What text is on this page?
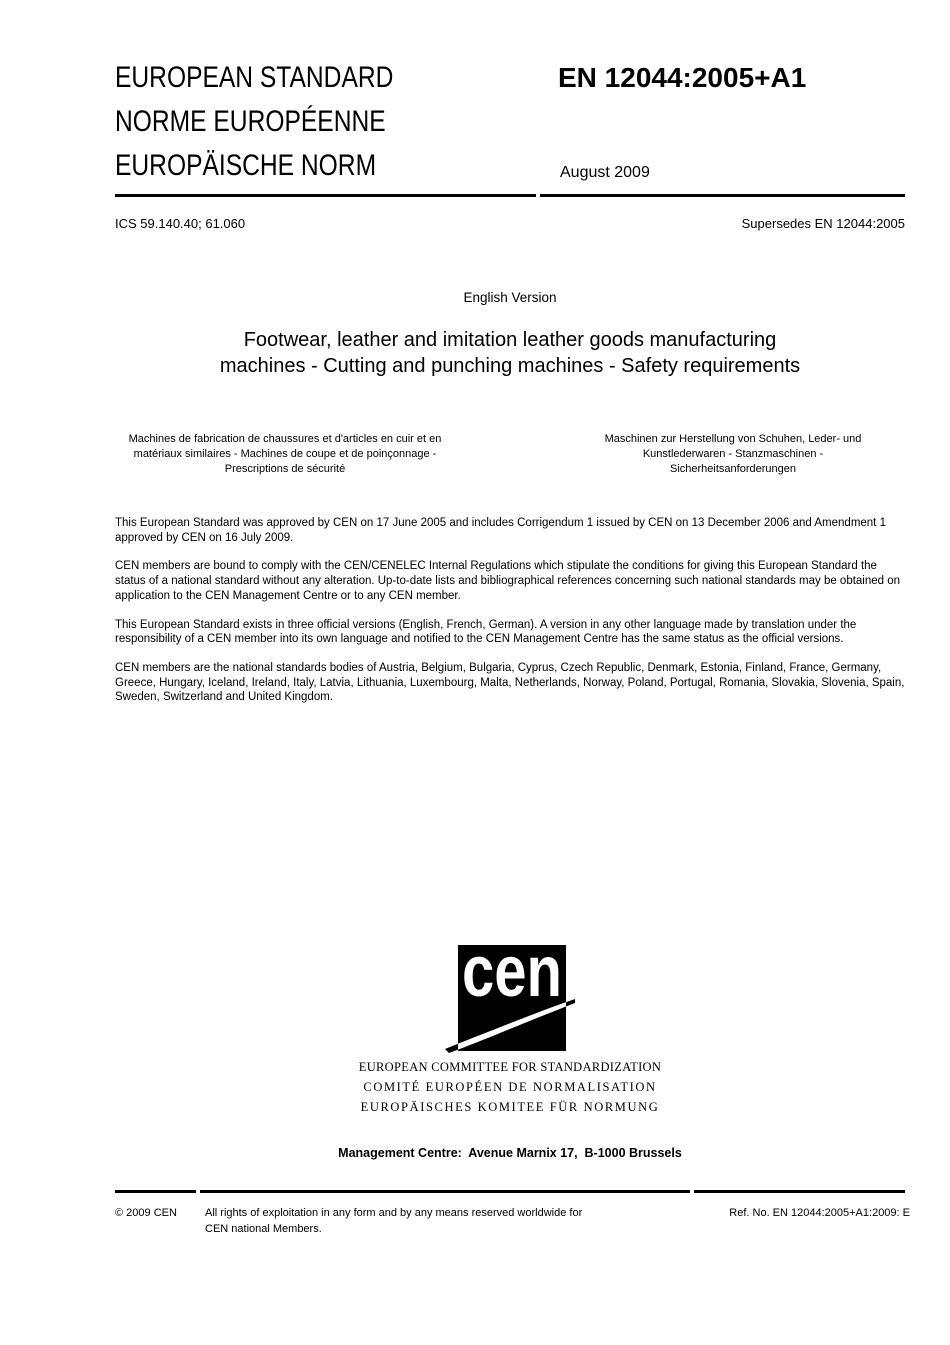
EUROPEAN STANDARD
NORME EUROPÉENNE
EUROPÄISCHE NORM
EN 12044:2005+A1
August 2009
ICS 59.140.40; 61.060	Supersedes EN 12044:2005
English Version
Footwear, leather and imitation leather goods manufacturing machines - Cutting and punching machines - Safety requirements
Machines de fabrication de chaussures et d'articles en cuir et en matériaux similaires - Machines de coupe et de poinçonnage - Prescriptions de sécurité
Maschinen zur Herstellung von Schuhen, Leder- und Kunstlederwaren - Stanzmaschinen - Sicherheitsanforderungen

This European Standard was approved by CEN on 17 June 2005 and includes Corrigendum 1 issued by CEN on 13 December 2006 and Amendment 1 approved by CEN on 16 July 2009.

CEN members are bound to comply with the CEN/CENELEC Internal Regulations which stipulate the conditions for giving this European Standard the status of a national standard without any alteration. Up-to-date lists and bibliographical references concerning such national standards may be obtained on application to the CEN Management Centre or to any CEN member.

This European Standard exists in three official versions (English, French, German). A version in any other language made by translation under the responsibility of a CEN member into its own language and notified to the CEN Management Centre has the same status as the official versions.

CEN members are the national standards bodies of Austria, Belgium, Bulgaria, Cyprus, Czech Republic, Denmark, Estonia, Finland, France, Germany, Greece, Hungary, Iceland, Ireland, Italy, Latvia, Lithuania, Luxembourg, Malta, Netherlands, Norway, Poland, Portugal, Romania, Slovakia, Slovenia, Spain, Sweden, Switzerland and United Kingdom.

cen
EUROPEAN COMMITTEE FOR STANDARDIZATION
COMITÉ EUROPÉEN DE NORMALISATION
EUROPÄISCHES KOMITEE FÜR NORMUNG
Management Centre:  Avenue Marnix 17,  B-1000 Brussels
© 2009 CEN	All rights of exploitation in any form and by any means reserved worldwide for CEN national Members.
Ref. No. EN 12044:2005+A1:2009: E
